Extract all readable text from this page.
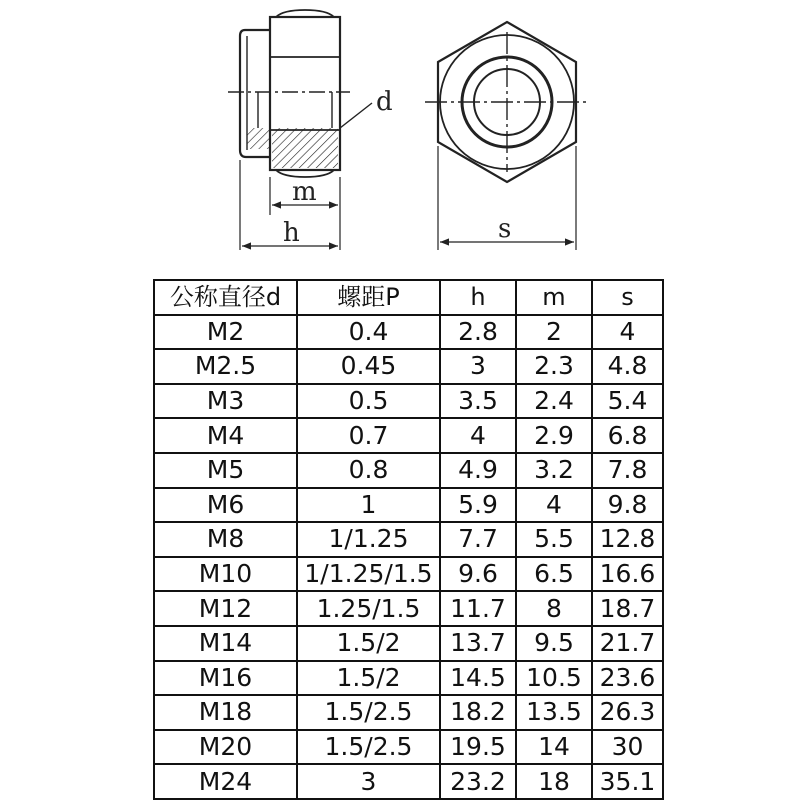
d
m
h	s
公称直径d	螺距P	h	m	s
M2	0.4	2.8	2	4
M2.5	0.45	3	2.3	4.8
M3	0.5	3.5	2.4	5.4
M4	0.7	4	2.9	6.8
M5	0.8	4.9	3.2	7.8
M6	1	5.9	4	9.8
M8	1/1.25	7.7	5.5	12.8
M10	1/1.25/1.5	9.6	6.5	16.6
M12	1.25/1.5	11.7	8	18.7
M14	1.5/2	13.7	9.5	21.7
M16	1.5/2	14.5	10.5	23.6
M18	1.5/2.5	18.2	13.5	26.3
M20	1.5/2.5	19.5	14	30
M24	3	23.2	18	35.1
